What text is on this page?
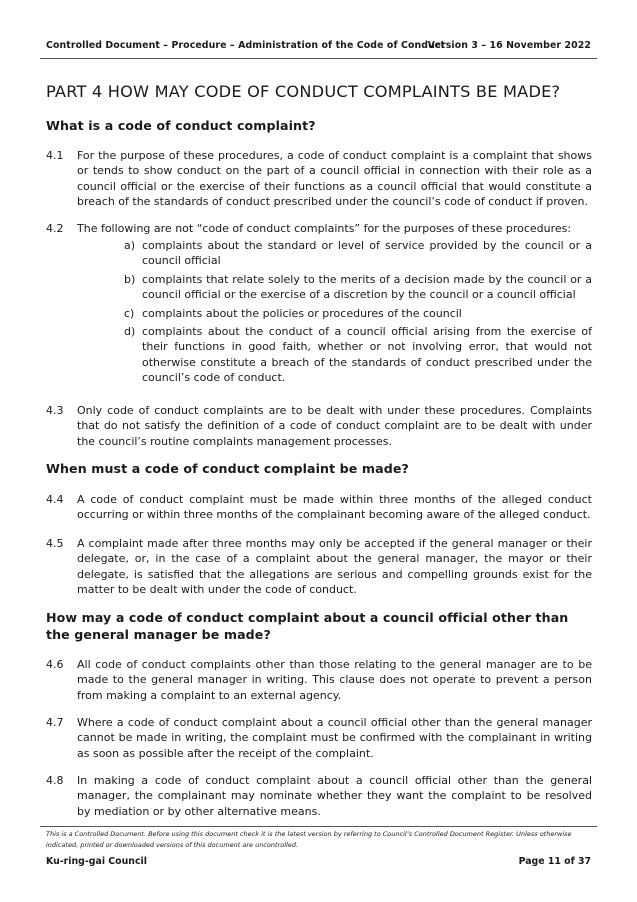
Controlled Document – Procedure – Administration of the Code of Conduct
Version 3 – 16 November 2022
PART 4 HOW MAY CODE OF CONDUCT COMPLAINTS BE MADE?
What is a code of conduct complaint?
4.1 For the purpose of these procedures, a code of conduct complaint is a complaint that shows or tends to show conduct on the part of a council official in connection with their role as a council official or the exercise of their functions as a council official that would constitute a breach of the standards of conduct prescribed under the council’s code of conduct if proven.
4.2 The following are not “code of conduct complaints” for the purposes of these procedures:
a) complaints about the standard or level of service provided by the council or a council official
b) complaints that relate solely to the merits of a decision made by the council or a council official or the exercise of a discretion by the council or a council official
c) complaints about the policies or procedures of the council
d) complaints about the conduct of a council official arising from the exercise of their functions in good faith, whether or not involving error, that would not otherwise constitute a breach of the standards of conduct prescribed under the council’s code of conduct.
4.3 Only code of conduct complaints are to be dealt with under these procedures. Complaints that do not satisfy the definition of a code of conduct complaint are to be dealt with under the council’s routine complaints management processes.
When must a code of conduct complaint be made?
4.4 A code of conduct complaint must be made within three months of the alleged conduct occurring or within three months of the complainant becoming aware of the alleged conduct.
4.5 A complaint made after three months may only be accepted if the general manager or their delegate, or, in the case of a complaint about the general manager, the mayor or their delegate, is satisfied that the allegations are serious and compelling grounds exist for the matter to be dealt with under the code of conduct.
How may a code of conduct complaint about a council official other than the general manager be made?
4.6 All code of conduct complaints other than those relating to the general manager are to be made to the general manager in writing. This clause does not operate to prevent a person from making a complaint to an external agency.
4.7 Where a code of conduct complaint about a council official other than the general manager cannot be made in writing, the complaint must be confirmed with the complainant in writing as soon as possible after the receipt of the complaint.
4.8 In making a code of conduct complaint about a council official other than the general manager, the complainant may nominate whether they want the complaint to be resolved by mediation or by other alternative means.
This is a Controlled Document. Before using this document check it is the latest version by referring to Council’s Controlled Document Register. Unless otherwise indicated, printed or downloaded versions of this document are uncontrolled.
Ku-ring-gai Council	Page 11 of 37
